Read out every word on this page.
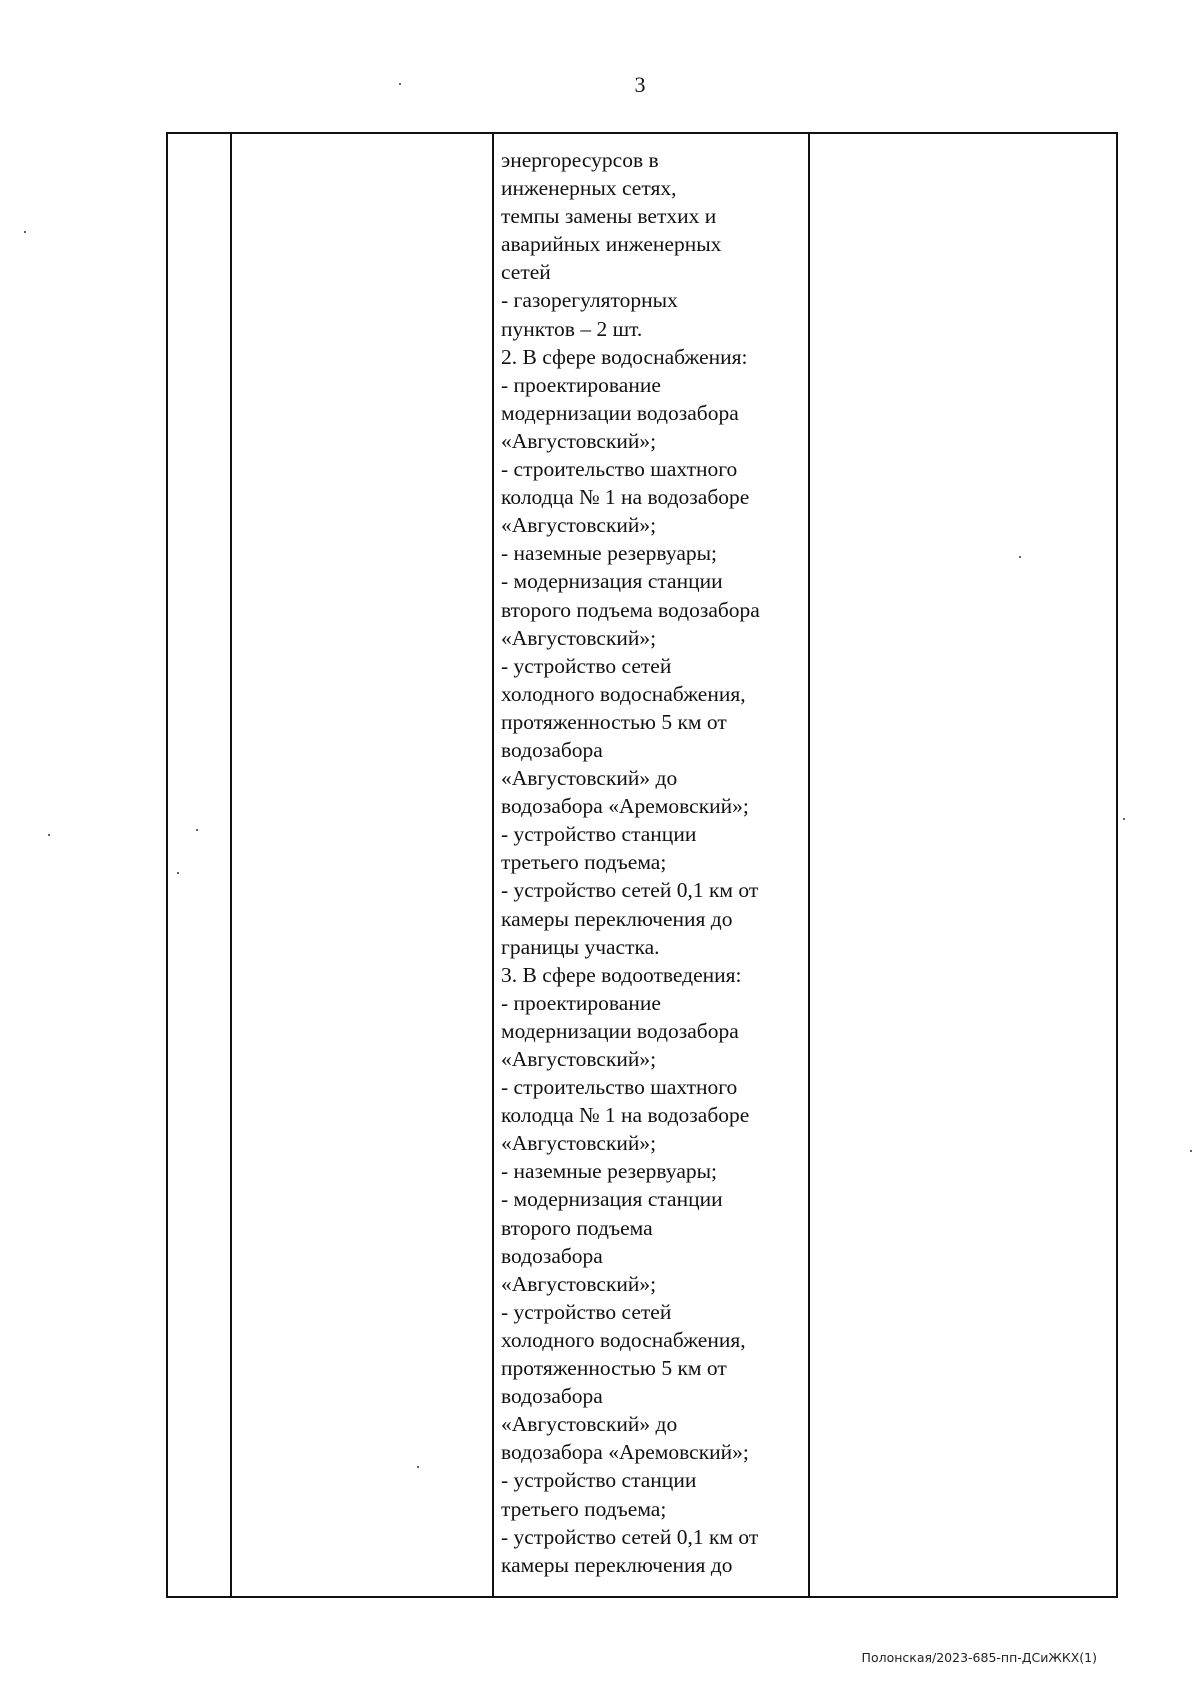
3
энергоресурсов в
инженерных сетях,
темпы замены ветхих и
аварийных инженерных
сетей
- газорегуляторных
пунктов – 2 шт.
2. В сфере водоснабжения:
- проектирование
модернизации водозабора
«Августовский»;
- строительство шахтного
колодца № 1 на водозаборе
«Августовский»;
- наземные резервуары;
- модернизация станции
второго подъема водозабора
«Августовский»;
- устройство сетей
холодного водоснабжения,
протяженностью 5 км от
водозабора
«Августовский» до
водозабора «Аремовский»;
- устройство станции
третьего подъема;
- устройство сетей 0,1 км от
камеры переключения до
границы участка.
3. В сфере водоотведения:
- проектирование
модернизации водозабора
«Августовский»;
- строительство шахтного
колодца № 1 на водозаборе
«Августовский»;
- наземные резервуары;
- модернизация станции
второго подъема
водозабора
«Августовский»;
- устройство сетей
холодного водоснабжения,
протяженностью 5 км от
водозабора
«Августовский» до
водозабора «Аремовский»;
- устройство станции
третьего подъема;
- устройство сетей 0,1 км от
камеры переключения до
Полонская/2023-685-пп-ДСиЖКХ(1)
